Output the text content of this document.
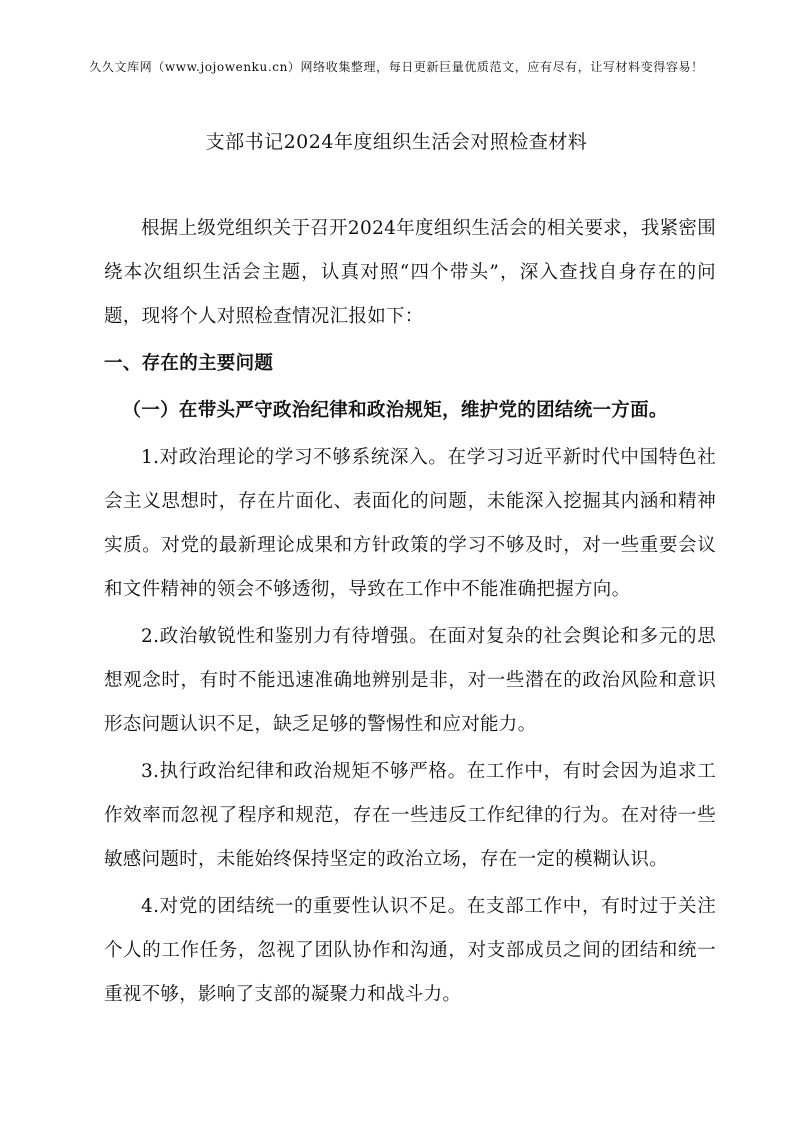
久久文库网（www.jojowenku.cn）网络收集整理，每日更新巨量优质范文，应有尽有，让写材料变得容易！
支部书记2024年度组织生活会对照检查材料

根据上级党组织关于召开2024年度组织生活会的相关要求，我紧密围绕本次组织生活会主题，认真对照“四个带头”，深入查找自身存在的问题，现将个人对照检查情况汇报如下：

一、存在的主要问题
（一）在带头严守政治纪律和政治规矩，维护党的团结统一方面。

1.对政治理论的学习不够系统深入。在学习习近平新时代中国特色社会主义思想时，存在片面化、表面化的问题，未能深入挖掘其内涵和精神实质。对党的最新理论成果和方针政策的学习不够及时，对一些重要会议和文件精神的领会不够透彻，导致在工作中不能准确把握方向。

2.政治敏锐性和鉴别力有待增强。在面对复杂的社会舆论和多元的思想观念时，有时不能迅速准确地辨别是非，对一些潜在的政治风险和意识形态问题认识不足，缺乏足够的警惕性和应对能力。

3.执行政治纪律和政治规矩不够严格。在工作中，有时会因为追求工作效率而忽视了程序和规范，存在一些违反工作纪律的行为。在对待一些敏感问题时，未能始终保持坚定的政治立场，存在一定的模糊认识。

4.对党的团结统一的重要性认识不足。在支部工作中，有时过于关注个人的工作任务，忽视了团队协作和沟通，对支部成员之间的团结和统一重视不够，影响了支部的凝聚力和战斗力。
